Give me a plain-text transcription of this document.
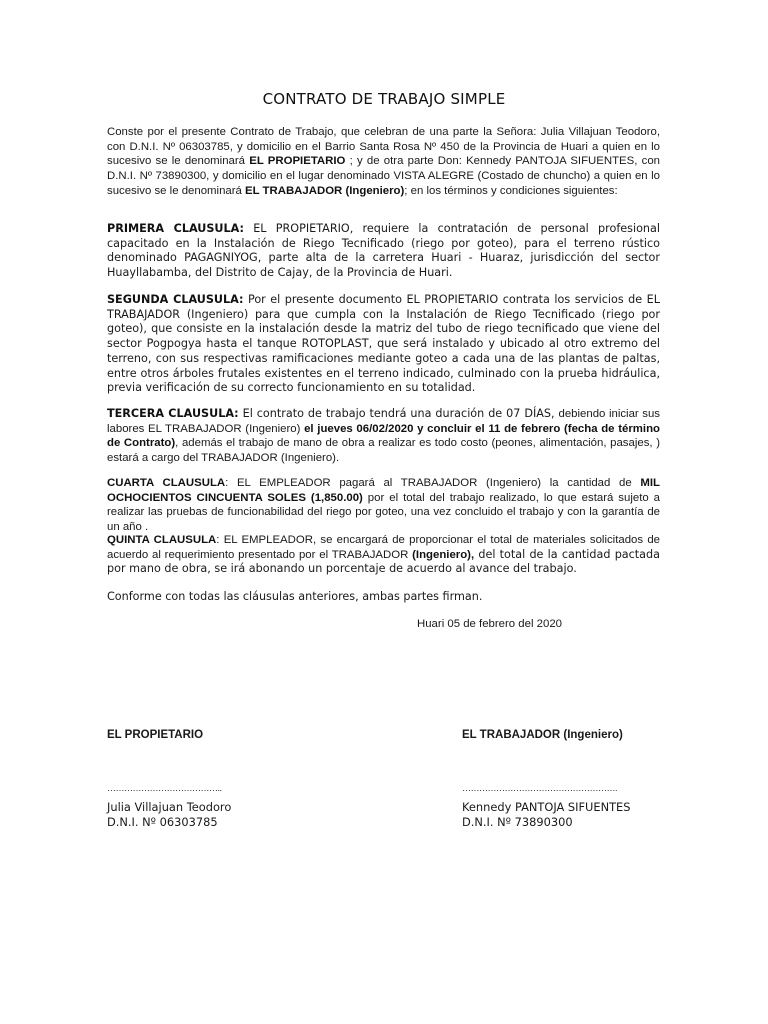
CONTRATO DE TRABAJO SIMPLE

Conste por el presente Contrato de Trabajo, que celebran de una parte la Señora: Julia Villajuan Teodoro, con D.N.I. Nº 06303785, y domicilio en el Barrio Santa Rosa Nº 450 de la Provincia de Huari a quien en lo sucesivo se le denominará EL PROPIETARIO ; y de otra parte Don: Kennedy PANTOJA SIFUENTES, con D.N.I. Nº 73890300, y domicilio en el lugar denominado VISTA ALEGRE (Costado de chuncho) a quien en lo sucesivo se le denominará EL TRABAJADOR (Ingeniero); en los términos y condiciones siguientes:

PRIMERA CLAUSULA: EL PROPIETARIO, requiere la contratación de personal profesional capacitado en la Instalación de Riego Tecnificado (riego por goteo), para el terreno rústico denominado PAGAGNIYOG, parte alta de la carretera Huari - Huaraz, jurisdicción del sector Huayllabamba, del Distrito de Cajay, de la Provincia de Huari.

SEGUNDA CLAUSULA: Por el presente documento EL PROPIETARIO contrata los servicios de EL TRABAJADOR (Ingeniero) para que cumpla con la Instalación de Riego Tecnificado (riego por goteo), que consiste en la instalación desde la matriz del tubo de riego tecnificado que viene del sector Pogpogya hasta el tanque ROTOPLAST, que será instalado y ubicado al otro extremo del terreno, con sus respectivas ramificaciones mediante goteo a cada una de las plantas de paltas, entre otros árboles frutales existentes en el terreno indicado, culminado con la prueba hidráulica, previa verificación de su correcto funcionamiento en su totalidad.

TERCERA CLAUSULA: El contrato de trabajo tendrá una duración de 07 DÍAS, debiendo iniciar sus labores EL TRABAJADOR (Ingeniero) el jueves 06/02/2020 y concluir el 11 de febrero (fecha de término de Contrato), además el trabajo de mano de obra a realizar es todo costo (peones, alimentación, pasajes, ) estará a cargo del TRABAJADOR (Ingeniero).

CUARTA CLAUSULA: EL EMPLEADOR pagará al TRABAJADOR (Ingeniero) la cantidad de MIL OCHOCIENTOS CINCUENTA SOLES (1,850.00) por el total del trabajo realizado, lo que estará sujeto a realizar las pruebas de funcionabilidad del riego por goteo, una vez concluido el trabajo y con la garantía de un año .

QUINTA CLAUSULA: EL EMPLEADOR, se encargará de proporcionar el total de materiales solicitados de acuerdo al requerimiento presentado por el TRABAJADOR (Ingeniero), del total de la cantidad pactada por mano de obra, se irá abonando un porcentaje de acuerdo al avance del trabajo.

Conforme con todas las cláusulas anteriores, ambas partes firman.

Huari 05 de febrero del 2020
EL PROPIETARIO	EL TRABAJADOR (Ingeniero)
…………………………………..	……………………………………………….
Julia Villajuan Teodoro	Kennedy PANTOJA SIFUENTES
D.N.I. Nº 06303785	D.N.I. Nº 73890300
